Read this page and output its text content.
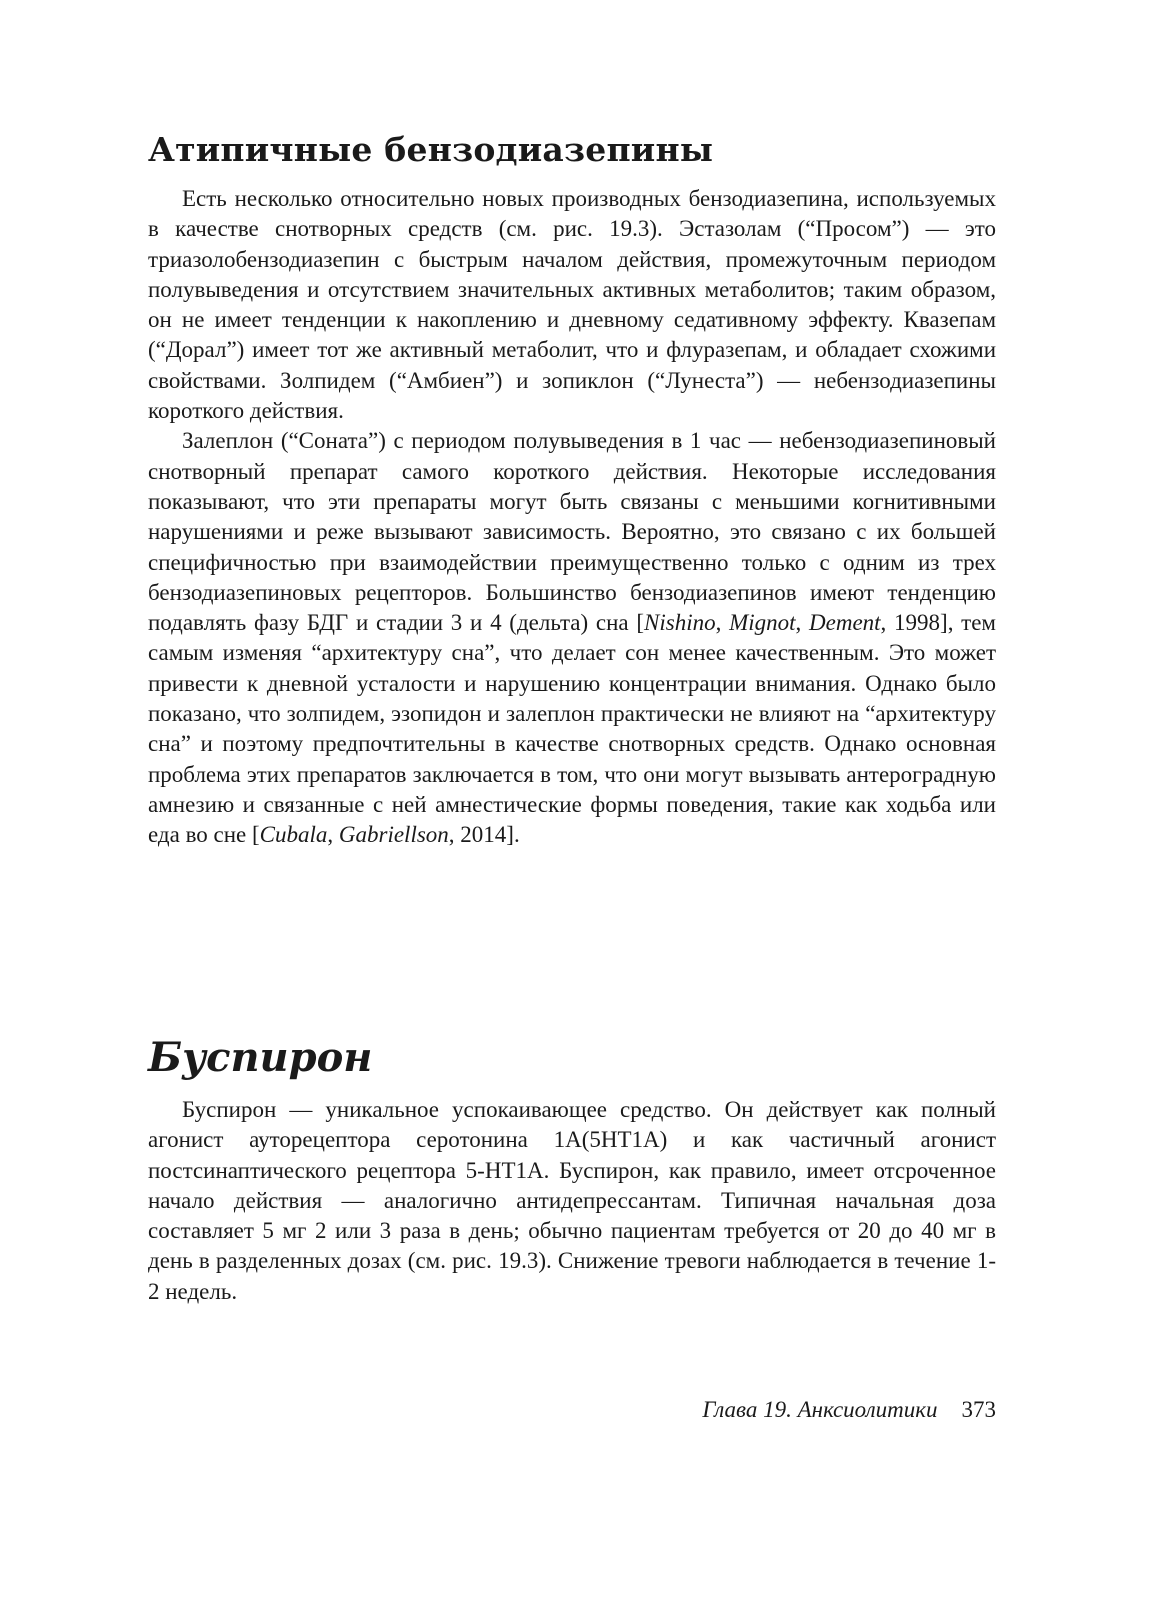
Атипичные бензодиазепины

Есть несколько относительно новых производных бензодиазепина, используемых в качестве снотворных средств (см. рис. 19.3). Эстазолам (“Просом”) — это триазолобензодиазепин с быстрым началом действия, промежуточным периодом полувыведения и отсутствием значительных активных метаболитов; таким образом, он не имеет тенденции к накоплению и дневному седативному эффекту. Квазепам (“Дорал”) имеет тот же активный метаболит, что и флуразепам, и обладает схожими свойствами. Золпидем (“Амбиен”) и зопиклон (“Лунеста”) — небензодиазепины короткого действия.

Залеплон (“Соната”) с периодом полувыведения в 1 час — небензодиазепиновый снотворный препарат самого короткого действия. Некоторые исследования показывают, что эти препараты могут быть связаны с меньшими когнитивными нарушениями и реже вызывают зависимость. Вероятно, это связано с их большей специфичностью при взаимодействии преимущественно только с одним из трех бензодиазепиновых рецепторов. Большинство бензодиазепинов имеют тенденцию подавлять фазу БДГ и стадии 3 и 4 (дельта) сна [Nishino, Mignot, Dement, 1998], тем самым изменяя “архитектуру сна”, что делает сон менее качественным. Это может привести к дневной усталости и нарушению концентрации внимания. Однако было показано, что золпидем, эзопидон и залеплон практически не влияют на “архитектуру сна” и поэтому предпочтительны в качестве снотворных средств. Однако основная проблема этих препаратов заключается в том, что они могут вызывать антероградную амнезию и связанные с ней амнестические формы поведения, такие как ходьба или еда во сне [Cubala, Gabriellson, 2014].

Буспирон

Буспирон — уникальное успокаивающее средство. Он действует как полный агонист ауторецептора серотонина 1A(5HT1A) и как частичный агонист постсинаптического рецептора 5-HT1A. Буспирон, как правило, имеет отсроченное начало действия — аналогично антидепрессантам. Типичная начальная доза составляет 5 мг 2 или 3 раза в день; обычно пациентам требуется от 20 до 40 мг в день в разделенных дозах (см. рис. 19.3). Снижение тревоги наблюдается в течение 1-2 недель.

Глава 19. Анксиолитики 373
